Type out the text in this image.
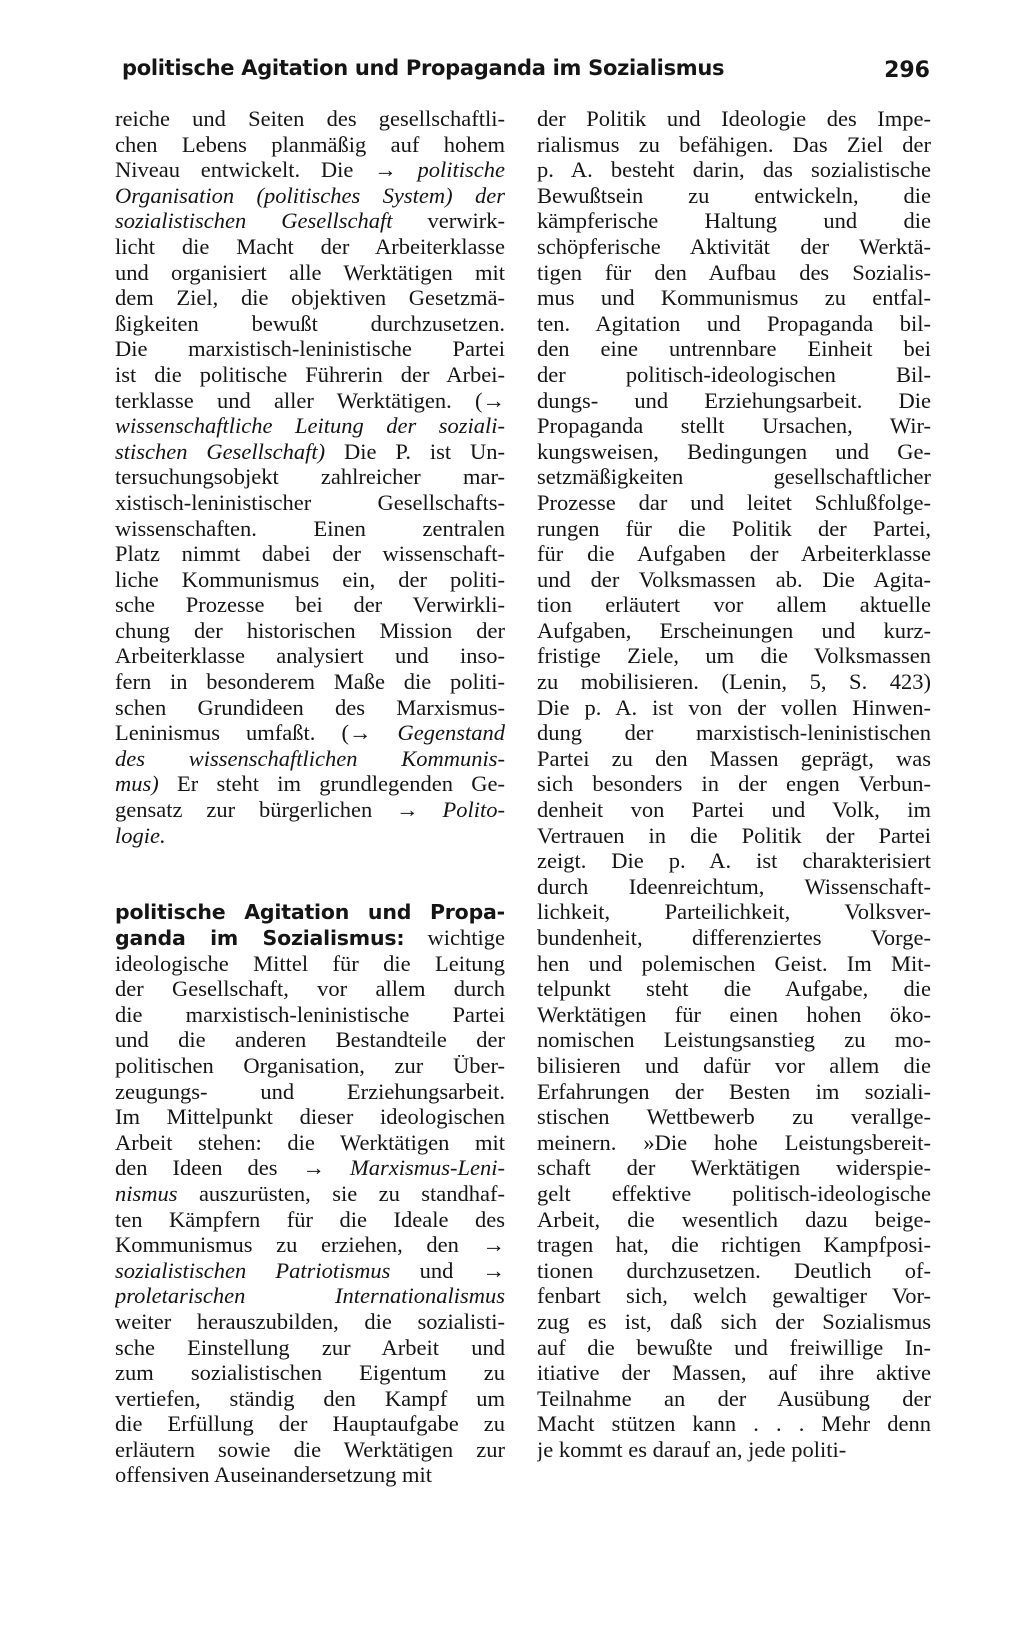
politische Agitation und Propaganda im Sozialismus	296
reiche und Seiten des gesellschaftli-
chen Lebens planmäßig auf hohem
Niveau entwickelt. Die → politische
Organisation (politisches System) der
sozialistischen Gesellschaft verwirk-
licht die Macht der Arbeiterklasse
und organisiert alle Werktätigen mit
dem Ziel, die objektiven Gesetzmä-
ßigkeiten bewußt durchzusetzen.
Die marxistisch-leninistische Partei
ist die politische Führerin der Arbei-
terklasse und aller Werktätigen. (→
wissenschaftliche Leitung der soziali-
stischen Gesellschaft) Die P. ist Un-
tersuchungsobjekt zahlreicher mar-
xistisch-leninistischer Gesellschafts-
wissenschaften. Einen zentralen
Platz nimmt dabei der wissenschaft-
liche Kommunismus ein, der politi-
sche Prozesse bei der Verwirkli-
chung der historischen Mission der
Arbeiterklasse analysiert und inso-
fern in besonderem Maße die politi-
schen Grundideen des Marxismus-
Leninismus umfaßt. (→ Gegenstand
des wissenschaftlichen Kommunis-
mus) Er steht im grundlegenden Ge-
gensatz zur bürgerlichen → Polito-
logie.
politische Agitation und Propa-
ganda im Sozialismus: wichtige
ideologische Mittel für die Leitung
der Gesellschaft, vor allem durch
die marxistisch-leninistische Partei
und die anderen Bestandteile der
politischen Organisation, zur Über-
zeugungs- und Erziehungsarbeit.
Im Mittelpunkt dieser ideologischen
Arbeit stehen: die Werktätigen mit
den Ideen des → Marxismus-Leni-
nismus auszurüsten, sie zu standhaf-
ten Kämpfern für die Ideale des
Kommunismus zu erziehen, den →
sozialistischen Patriotismus und →
proletarischen Internationalismus
weiter herauszubilden, die sozialisti-
sche Einstellung zur Arbeit und
zum sozialistischen Eigentum zu
vertiefen, ständig den Kampf um
die Erfüllung der Hauptaufgabe zu
erläutern sowie die Werktätigen zur
offensiven Auseinandersetzung mit
der Politik und Ideologie des Impe-
rialismus zu befähigen. Das Ziel der
p. A. besteht darin, das sozialistische
Bewußtsein zu entwickeln, die
kämpferische Haltung und die
schöpferische Aktivität der Werktä-
tigen für den Aufbau des Sozialis-
mus und Kommunismus zu entfal-
ten. Agitation und Propaganda bil-
den eine untrennbare Einheit bei
der politisch-ideologischen Bil-
dungs- und Erziehungsarbeit. Die
Propaganda stellt Ursachen, Wir-
kungsweisen, Bedingungen und Ge-
setzmäßigkeiten gesellschaftlicher
Prozesse dar und leitet Schlußfolge-
rungen für die Politik der Partei,
für die Aufgaben der Arbeiterklasse
und der Volksmassen ab. Die Agita-
tion erläutert vor allem aktuelle
Aufgaben, Erscheinungen und kurz-
fristige Ziele, um die Volksmassen
zu mobilisieren. (Lenin, 5, S. 423)
Die p. A. ist von der vollen Hinwen-
dung der marxistisch-leninistischen
Partei zu den Massen geprägt, was
sich besonders in der engen Verbun-
denheit von Partei und Volk, im
Vertrauen in die Politik der Partei
zeigt. Die p. A. ist charakterisiert
durch Ideenreichtum, Wissenschaft-
lichkeit, Parteilichkeit, Volksver-
bundenheit, differenziertes Vorge-
hen und polemischen Geist. Im Mit-
telpunkt steht die Aufgabe, die
Werktätigen für einen hohen öko-
nomischen Leistungsanstieg zu mo-
bilisieren und dafür vor allem die
Erfahrungen der Besten im soziali-
stischen Wettbewerb zu verallge-
meinern. »Die hohe Leistungsbereit-
schaft der Werktätigen widerspie-
gelt effektive politisch-ideologische
Arbeit, die wesentlich dazu beige-
tragen hat, die richtigen Kampfposi-
tionen durchzusetzen. Deutlich of-
fenbart sich, welch gewaltiger Vor-
zug es ist, daß sich der Sozialismus
auf die bewußte und freiwillige In-
itiative der Massen, auf ihre aktive
Teilnahme an der Ausübung der
Macht stützen kann . . . Mehr denn
je kommt es darauf an, jede politi-
